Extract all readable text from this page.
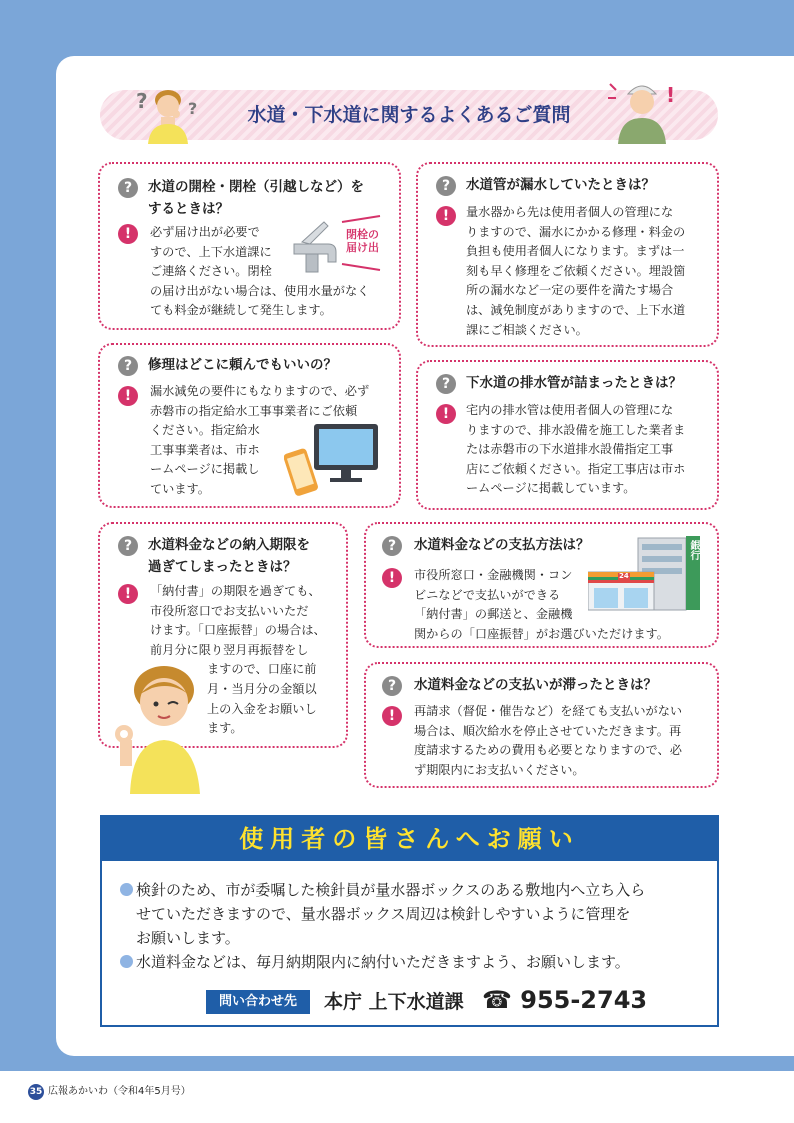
?	?
!
水道・下水道に関するよくあるご質問
?	水道の開栓・閉栓（引越しなど）を
するときは？
!	必ず届け出が必要で
すので、上下水道課に
ご連絡ください。閉栓
の届け出がない場合は、使用水量がなく
ても料金が継続して発生します。
閉栓の
届け出
?	水道管が漏水していたときは？
!	量水器から先は使用者個人の管理にな
りますので、漏水にかかる修理・料金の
負担も使用者個人になります。まずは一
刻も早く修理をご依頼ください。埋設箇
所の漏水など一定の要件を満たす場合
は、減免制度がありますので、上下水道
課にご相談ください。
?	修理はどこに頼んでもいいの？
!	漏水減免の要件にもなりますので、必ず
赤磐市の指定給水工事事業者にご依頼
ください。指定給水
工事事業者は、市ホ
ームページに掲載し
ています。
?	下水道の排水管が詰まったときは？
!	宅内の排水管は使用者個人の管理にな
りますので、排水設備を施工した業者ま
たは赤磐市の下水道排水設備指定工事
店にご依頼ください。指定工事店は市ホ
ームページに掲載しています。
?	水道料金などの納入期限を
過ぎてしまったときは？
!	「納付書」の期限を過ぎても、
市役所窓口でお支払いいただ
けます。「口座振替」の場合は、
前月分に限り翌月再振替をし
ますので、口座に前
月・当月分の金額以
上の入金をお願いし
ます。
?	水道料金などの支払方法は？
!	市役所窓口・金融機関・コン
ビニなどで支払いができる
「納付書」の郵送と、金融機
関からの「口座振替」がお選びいただけます。
銀行
24
?	水道料金などの支払いが滞ったときは？
!	再請求（督促・催告など）を経ても支払いがない
場合は、順次給水を停止させていただきます。再
度請求するための費用も必要となりますので、必
ず期限内にお支払いください。
使用者の皆さんへお願い
検針のため、市が委嘱した検針員が量水器ボックスのある敷地内へ立ち入ら
せていただきますので、量水器ボックス周辺は検針しやすいように管理を
お願いします。
水道料金などは、毎月納期限内に納付いただきますよう、お願いします。
問い合わせ先	本庁 上下水道課 ☎ 955-2743
35 広報あかいわ（令和4年5月号）
